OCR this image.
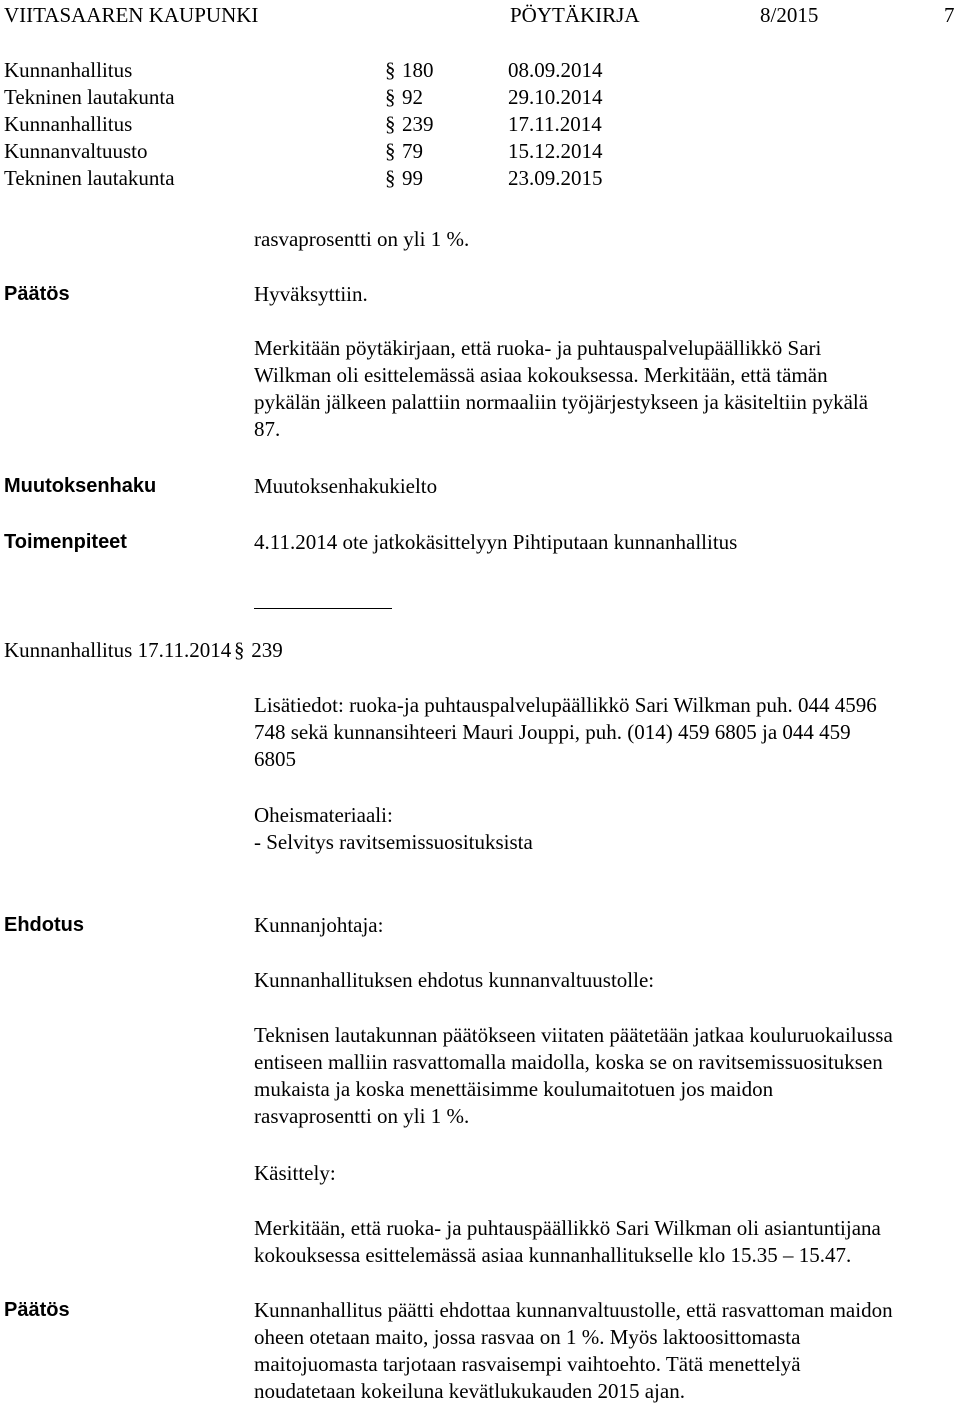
VIITASAAREN KAUPUNKI	PÖYTÄKIRJA	8/2015	7
Kunnanhallitus	§ 180	08.09.2014
Tekninen lautakunta	§ 92	29.10.2014
Kunnanhallitus	§ 239	17.11.2014
Kunnanvaltuusto	§ 79	15.12.2014
Tekninen lautakunta	§ 99	23.09.2015
rasvaprosentti on yli 1 %.
Päätös	Hyväksyttiin.

Merkitään pöytäkirjaan, että ruoka- ja puhtauspalvelupäällikkö Sari

Wilkman oli esittelemässä asiaa kokouksessa. Merkitään, että tämän

pykälän jälkeen palattiin normaaliin työjärjestykseen ja käsiteltiin pykälä

87.

Muutoksenhaku	Muutoksenhakukielto
Toimenpiteet	4.11.2014 ote jatkokäsittelyyn Pihtiputaan kunnanhallitus
Kunnanhallitus 17.11.2014 § 239

Lisätiedot: ruoka-ja puhtauspalvelupäällikkö Sari Wilkman puh. 044 4596

748 sekä kunnansihteeri Mauri Jouppi, puh. (014) 459 6805 ja 044 459

6805

Oheismateriaali:

- Selvitys ravitsemissuosituksista

Ehdotus	Kunnanjohtaja:
Kunnanhallituksen ehdotus kunnanvaltuustolle:

Teknisen lautakunnan päätökseen viitaten päätetään jatkaa kouluruokailussa

entiseen malliin rasvattomalla maidolla, koska se on ravitsemissuosituksen

mukaista ja koska menettäisimme koulumaitotuen jos maidon

rasvaprosentti on yli 1 %.

Käsittely:

Merkitään, että ruoka- ja puhtauspäällikkö Sari Wilkman oli asiantuntijana

kokouksessa esittelemässä asiaa kunnanhallitukselle klo 15.35 – 15.47.

Päätös	Kunnanhallitus päätti ehdottaa kunnanvaltuustolle, että rasvattoman maidon

oheen otetaan maito, jossa rasvaa on 1 %. Myös laktoosittomasta

maitojuomasta tarjotaan rasvaisempi vaihtoehto. Tätä menettelyä

noudatetaan kokeiluna kevätlukukauden 2015 ajan.
